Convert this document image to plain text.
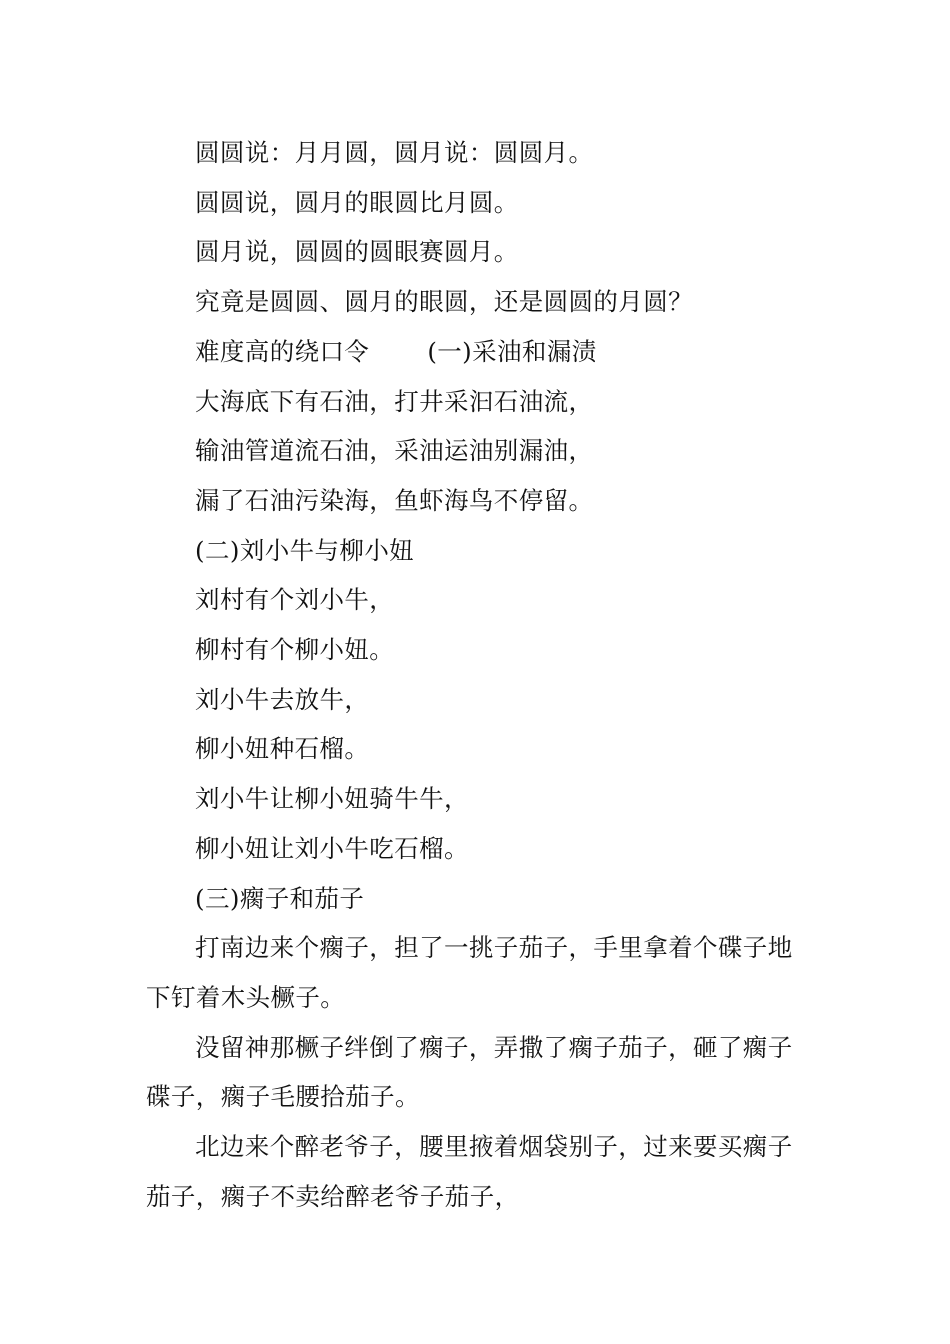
圆圆说：月月圆，圆月说：圆圆月。

圆圆说，圆月的眼圆比月圆。

圆月说，圆圆的圆眼赛圆月。

究竟是圆圆、圆月的眼圆，还是圆圆的月圆？

难度高的绕口令 (一)采油和漏渍

大海底下有石油，打井采汩石油流，

输油管道流石油，采油运油别漏油，

漏了石油污染海，鱼虾海鸟不停留。

(二)刘小牛与柳小妞

刘村有个刘小牛，

柳村有个柳小妞。

刘小牛去放牛，

柳小妞种石榴。

刘小牛让柳小妞骑牛牛，

柳小妞让刘小牛吃石榴。

(三)瘸子和茄子

打南边来个瘸子，担了一挑子茄子，手里拿着个碟子地下钉着木头橛子。

没留神那橛子绊倒了瘸子，弄撒了瘸子茄子，砸了瘸子碟子，瘸子毛腰拾茄子。

北边来个醉老爷子，腰里掖着烟袋别子，过来要买瘸子茄子，瘸子不卖给醉老爷子茄子，
